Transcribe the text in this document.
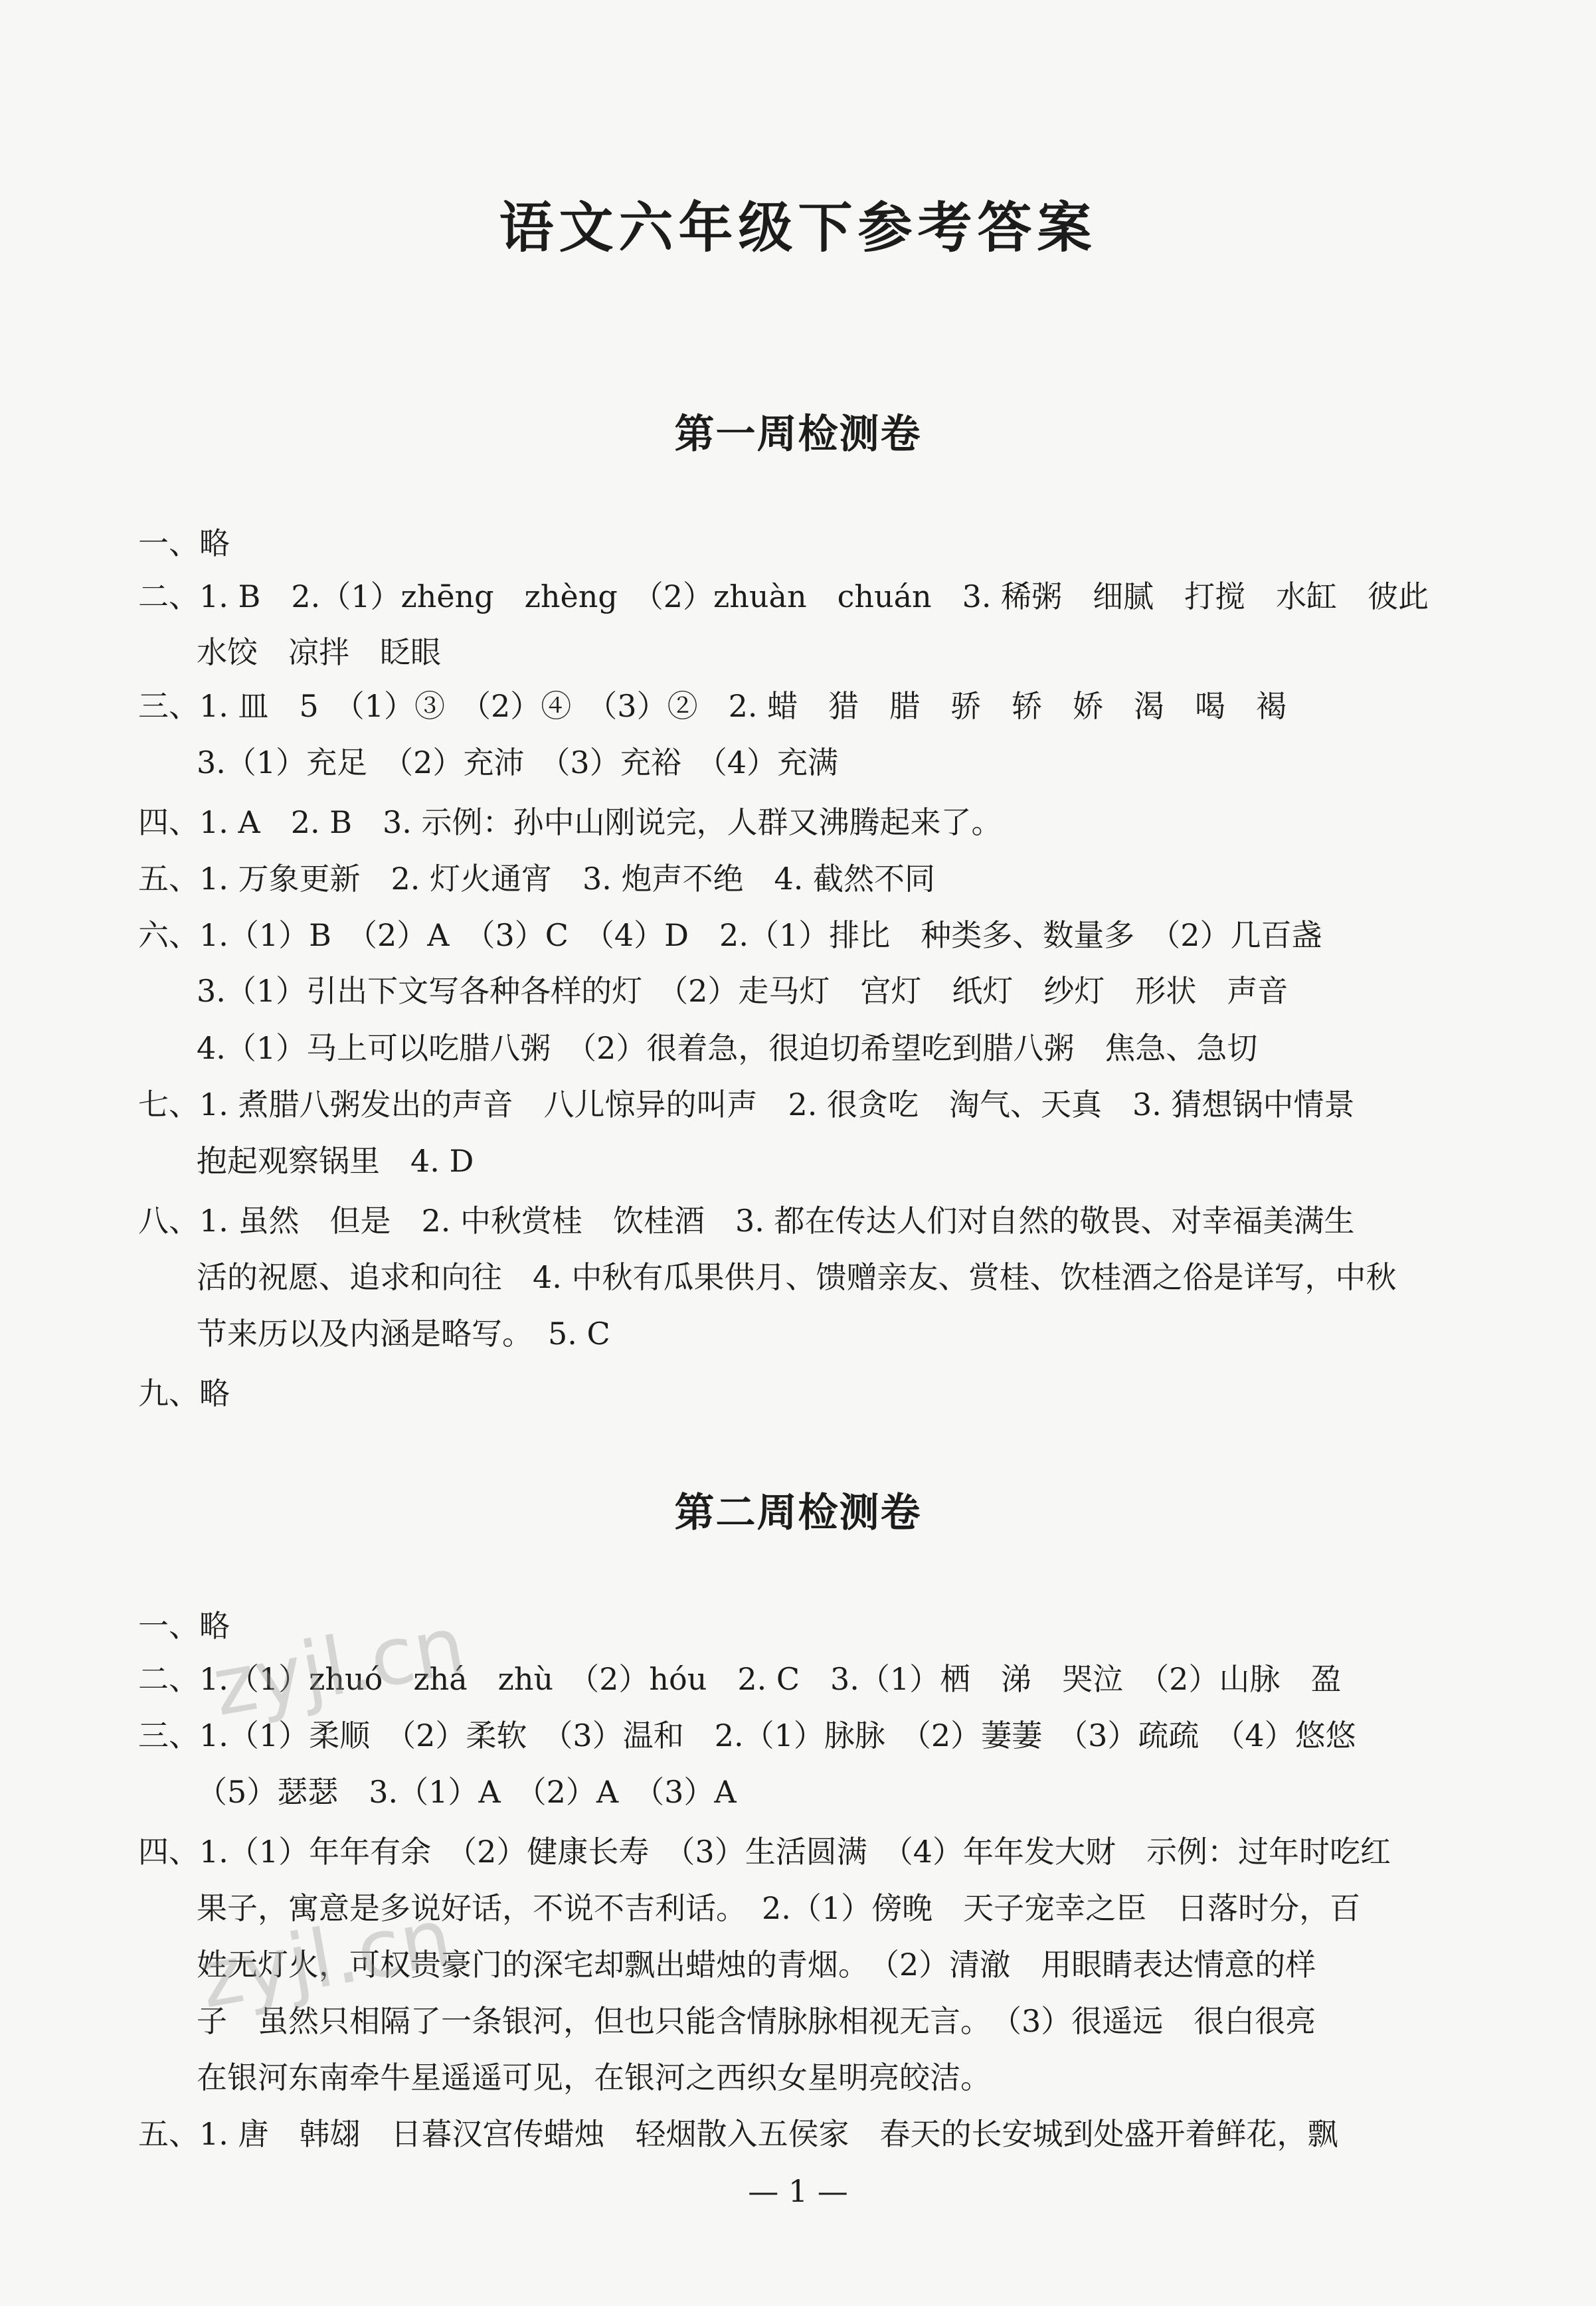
语文六年级下参考答案
第一周检测卷
一、略
二、1. B　2.（1）zhēng　zhèng　（2）zhuàn　chuán　3. 稀粥　细腻　打搅　水缸　彼此
水饺　凉拌　眨眼
三、1. 皿　5　（1）③　（2）④　（3）②　2. 蜡　猎　腊　骄　轿　娇　渴　喝　褐
3.（1）充足　（2）充沛　（3）充裕　（4）充满
四、1. A　2. B　3. 示例：孙中山刚说完，人群又沸腾起来了。
五、1. 万象更新　2. 灯火通宵　3. 炮声不绝　4. 截然不同
六、1.（1）B　（2）A　（3）C　（4）D　2.（1）排比　种类多、数量多　（2）几百盏
3.（1）引出下文写各种各样的灯　（2）走马灯　宫灯　纸灯　纱灯　形状　声音
4.（1）马上可以吃腊八粥　（2）很着急，很迫切希望吃到腊八粥　焦急、急切
七、1. 煮腊八粥发出的声音　八儿惊异的叫声　2. 很贪吃　淘气、天真　3. 猜想锅中情景
抱起观察锅里　4. D
八、1. 虽然　但是　2. 中秋赏桂　饮桂酒　3. 都在传达人们对自然的敬畏、对幸福美满生
活的祝愿、追求和向往　4. 中秋有瓜果供月、馈赠亲友、赏桂、饮桂酒之俗是详写，中秋
节来历以及内涵是略写。　5. C
九、略
第二周检测卷
一、略
二、1.（1）zhuó　zhá　zhù　（2）hóu　2. C　3.（1）栖　涕　哭泣　（2）山脉　盈
三、1.（1）柔顺　（2）柔软　（3）温和　2.（1）脉脉　（2）萋萋　（3）疏疏　（4）悠悠
（5）瑟瑟　3.（1）A　（2）A　（3）A
四、1.（1）年年有余　（2）健康长寿　（3）生活圆满　（4）年年发大财　示例：过年时吃红
果子，寓意是多说好话，不说不吉利话。　2.（1）傍晚　天子宠幸之臣　日落时分，百
姓无灯火，可权贵豪门的深宅却飘出蜡烛的青烟。　（2）清澈　用眼睛表达情意的样
子　虽然只相隔了一条银河，但也只能含情脉脉相视无言。　（3）很遥远　很白很亮
在银河东南牵牛星遥遥可见，在银河之西织女星明亮皎洁。
五、1. 唐　韩翃　日暮汉宫传蜡烛　轻烟散入五侯家　春天的长安城到处盛开着鲜花，飘
— 1 —
zyjl.cn
zyjl.cn
